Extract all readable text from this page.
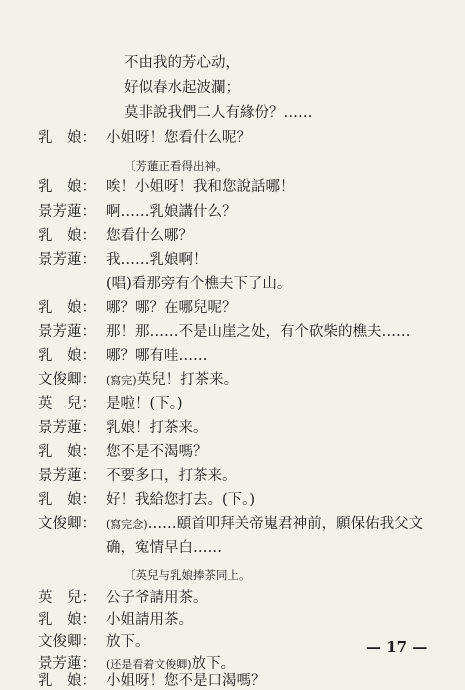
不由我的芳心动，
好似春水起波瀾；
莫非說我們二人有緣份？……
乳　娘： 小姐呀！您看什么呢？
〔芳蓮正看得出神。
乳　娘： 唉！小姐呀！我和您說話哪！
景芳蓮： 啊……乳娘講什么？
乳　娘： 您看什么哪？
景芳蓮： 我……乳娘啊！
(唱)看那旁有个樵夫下了山。
乳　娘： 哪？哪？在哪兒呢？
景芳蓮： 那！那……不是山崖之处，有个砍柴的樵夫……
乳　娘： 哪？哪有哇……
文俊卿： (寫完)英兒！打茶来。
英　兒： 是啦！(下。)
景芳蓮： 乳娘！打茶来。
乳　娘： 您不是不渴嗎？
景芳蓮： 不要多口，打茶来。
乳　娘： 好！我給您打去。(下。)
文俊卿： (寫完念)……頤首叩拜关帝嵬君神前，願保佑我父文
确，寃情早白……
〔英兒与乳娘捧茶同上。
英　兒： 公子爷請用茶。
乳　娘： 小姐請用茶。
文俊卿： 放下。
景芳蓮： (还是看着文俊卿)放下。
乳　娘： 小姐呀！您不是口渴嗎？
— 17 —
